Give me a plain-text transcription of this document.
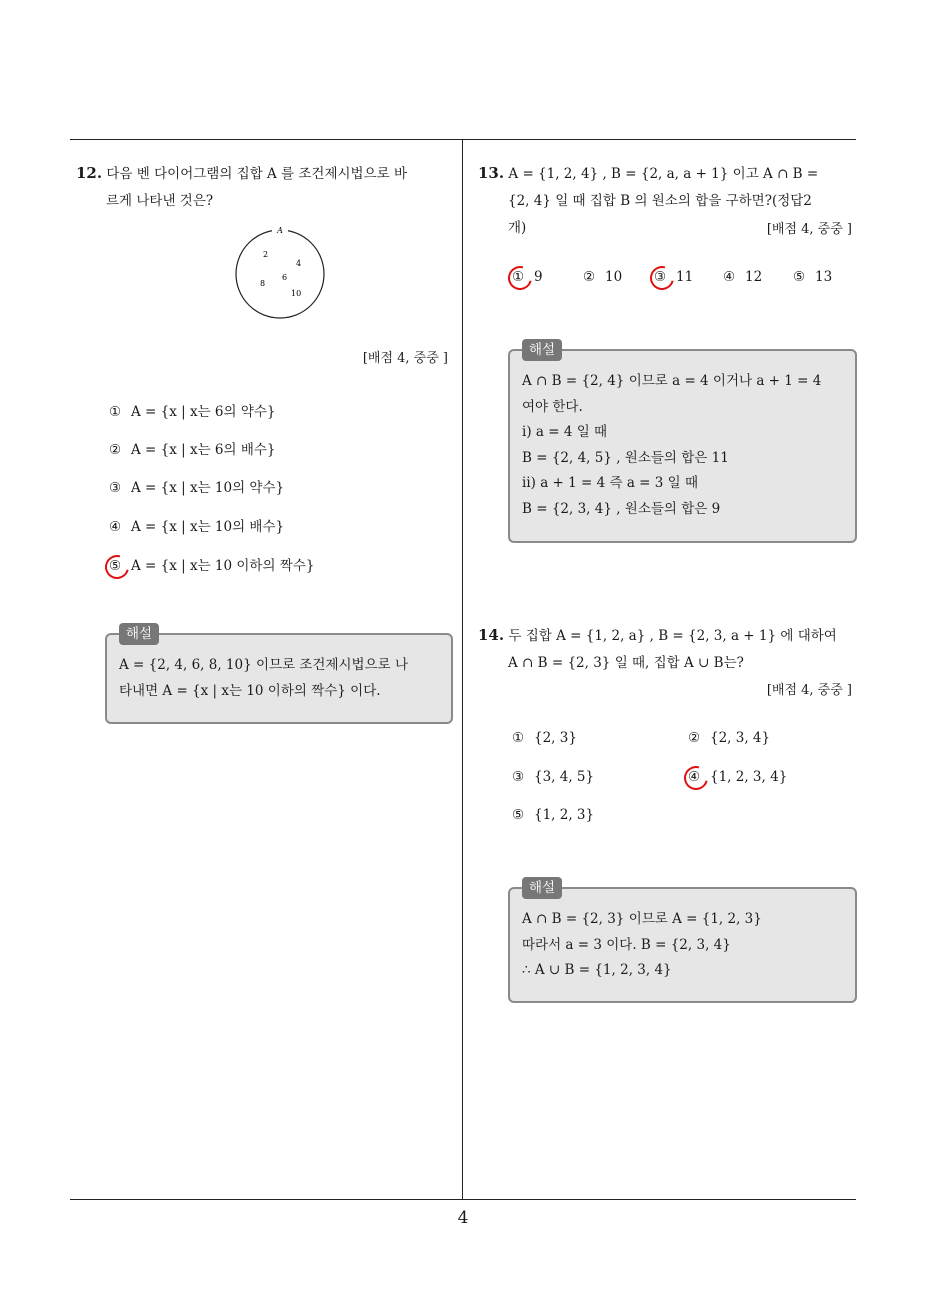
12. 다음 벤 다이어그램의 집합 A 를 조건제시법으로 바
르게 나타낸 것은?
A
2
4
6
8
10
[배점 4, 중중 ]
① A = {x | x는 6의 약수}
② A = {x | x는 6의 배수}
③ A = {x | x는 10의 약수}
④ A = {x | x는 10의 배수}
⑤ A = {x | x는 10 이하의 짝수}
해설
A = {2, 4, 6, 8, 10} 이므로 조건제시법으로 나
타내면 A = {x | x는 10 이하의 짝수} 이다.
13. A = {1, 2, 4} , B = {2, a, a + 1} 이고 A ∩ B =
{2, 4} 일 때 집합 B 의 원소의 합을 구하면?(정답2
개)	[배점 4, 중중 ]
① 9	② 10 ③ 11 ④ 12 ⑤ 13
해설
A ∩ B = {2, 4} 이므로 a = 4 이거나 a + 1 = 4
여야 한다.
ⅰ) a = 4 일 때
B = {2, 4, 5} , 원소들의 합은 11
ⅱ) a + 1 = 4 즉 a = 3 일 때
B = {2, 3, 4} , 원소들의 합은 9
14. 두 집합 A = {1, 2, a} , B = {2, 3, a + 1} 에 대하여
A ∩ B = {2, 3} 일 때, 집합 A ∪ B는?
[배점 4, 중중 ]
① {2, 3}	② {2, 3, 4}
③ {3, 4, 5}	④ {1, 2, 3, 4}
⑤ {1, 2, 3}
해설
A ∩ B = {2, 3} 이므로 A = {1, 2, 3}
따라서 a = 3 이다. B = {2, 3, 4}
∴ A ∪ B = {1, 2, 3, 4}
4
